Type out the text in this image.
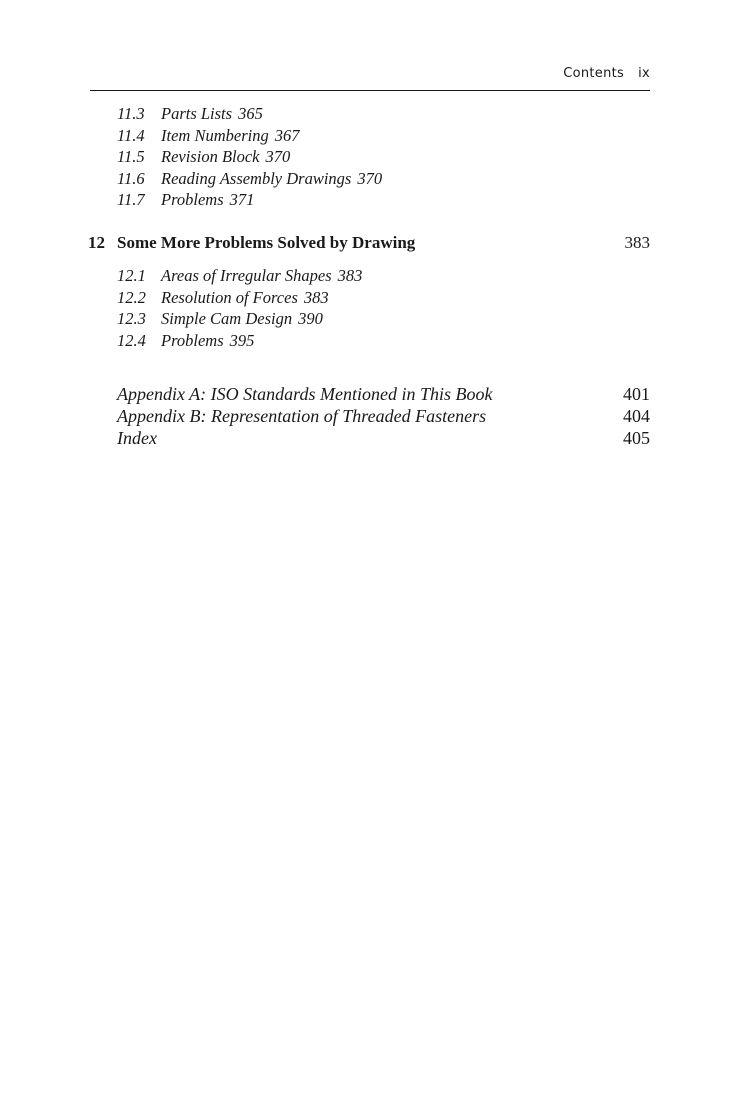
Contents ix
11.3 Parts Lists 365
11.4 Item Numbering 367
11.5 Revision Block 370
11.6 Reading Assembly Drawings 370
11.7 Problems 371
12 Some More Problems Solved by Drawing	383
12.1 Areas of Irregular Shapes 383
12.2 Resolution of Forces 383
12.3 Simple Cam Design 390
12.4 Problems 395
Appendix A: ISO Standards Mentioned in This Book	401
Appendix B: Representation of Threaded Fasteners	404
Index	405
